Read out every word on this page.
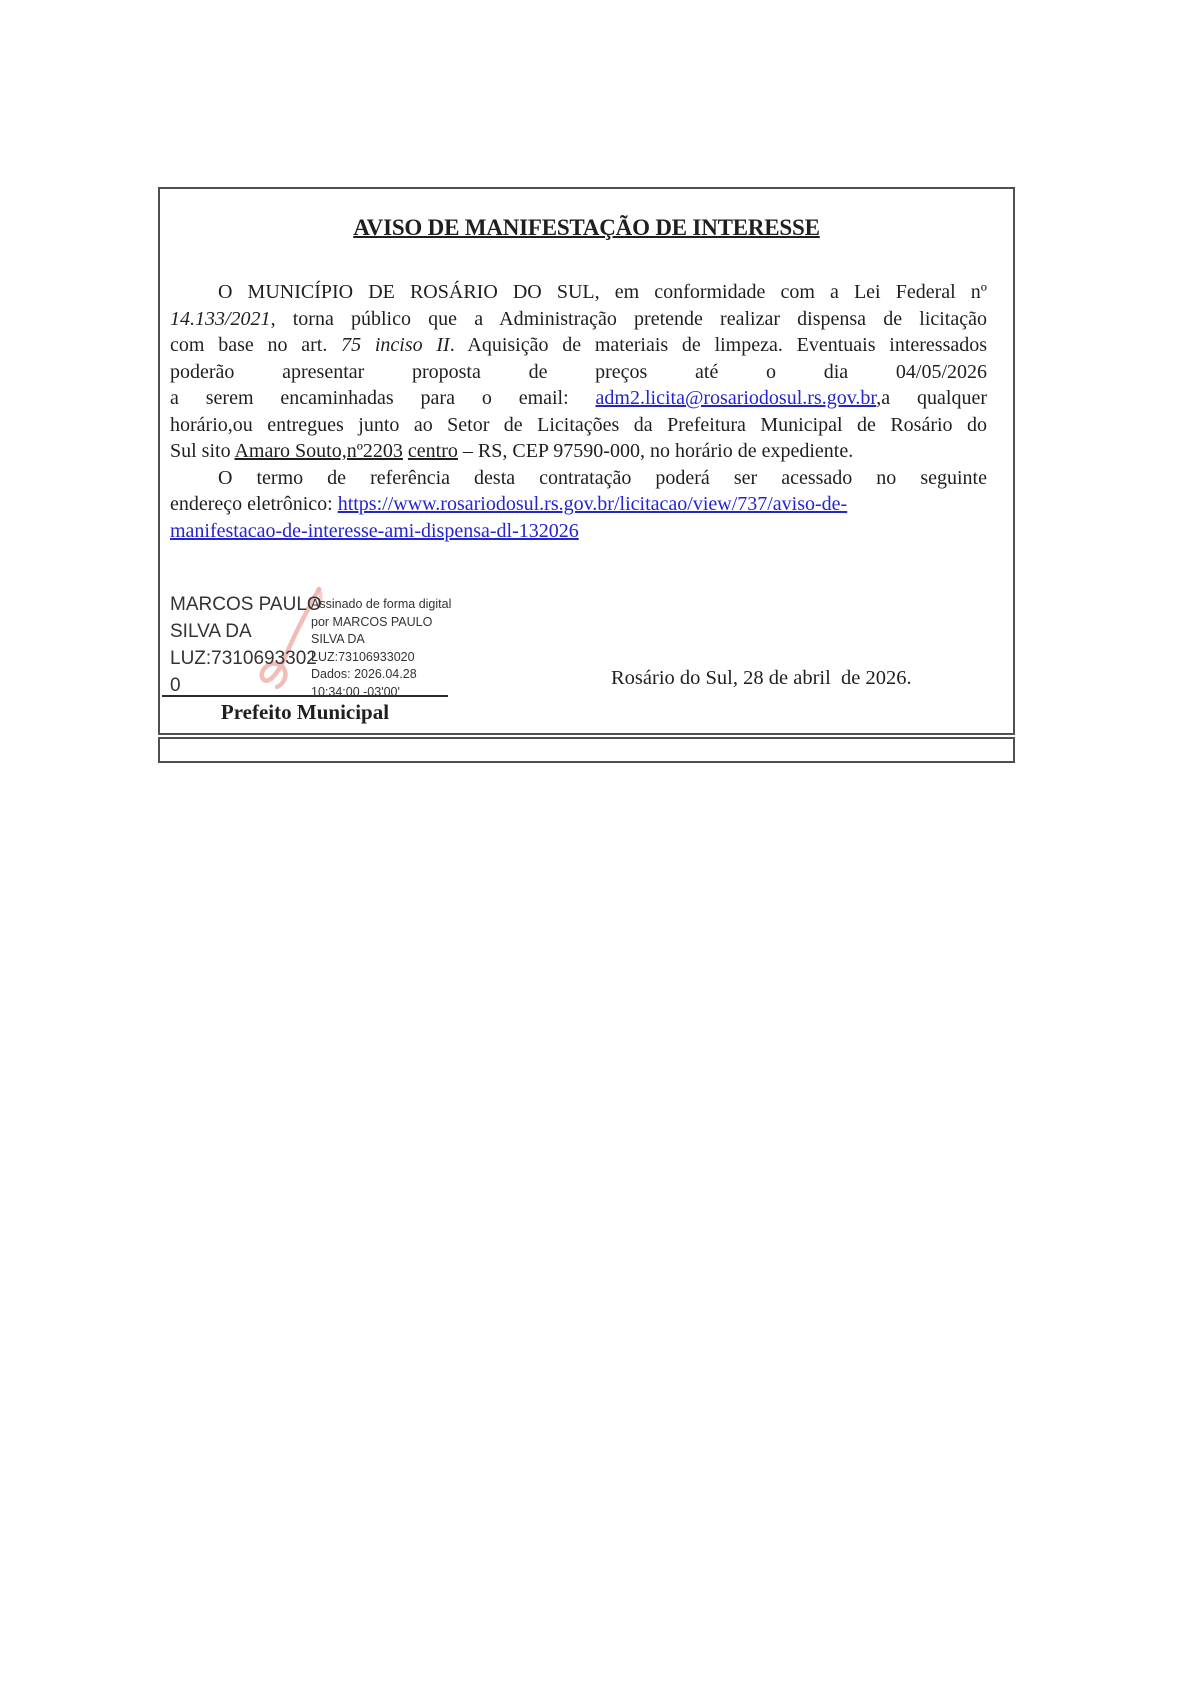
AVISO DE MANIFESTAÇÃO DE INTERESSE
O MUNICÍPIO DE ROSÁRIO DO SUL, em conformidade com a Lei Federal nº
14.133/2021, torna público que a Administração pretende realizar dispensa de licitação
com base no art. 75 inciso II. Aquisição de materiais de limpeza. Eventuais interessados
poderão apresentar proposta de preços até o dia 04/05/2026
a serem encaminhadas para o email: adm2.licita@rosariodosul.rs.gov.br,a qualquer
horário,ou entregues junto ao Setor de Licitações da Prefeitura Municipal de Rosário do
Sul sito Amaro Souto,nº2203 centro – RS, CEP 97590-000, no horário de expediente.
O termo de referência desta contratação poderá ser acessado no seguinte
endereço eletrônico: https://www.rosariodosul.rs.gov.br/licitacao/view/737/aviso-de-
manifestacao-de-interesse-ami-dispensa-dl-132026
MARCOS PAULO
SILVA DA
LUZ:7310693302
0
Assinado de forma digital
por MARCOS PAULO
SILVA DA
LUZ:73106933020
Dados: 2026.04.28
10:34:00 -03'00'
Prefeito Municipal
Rosário do Sul, 28 de abril  de 2026.
